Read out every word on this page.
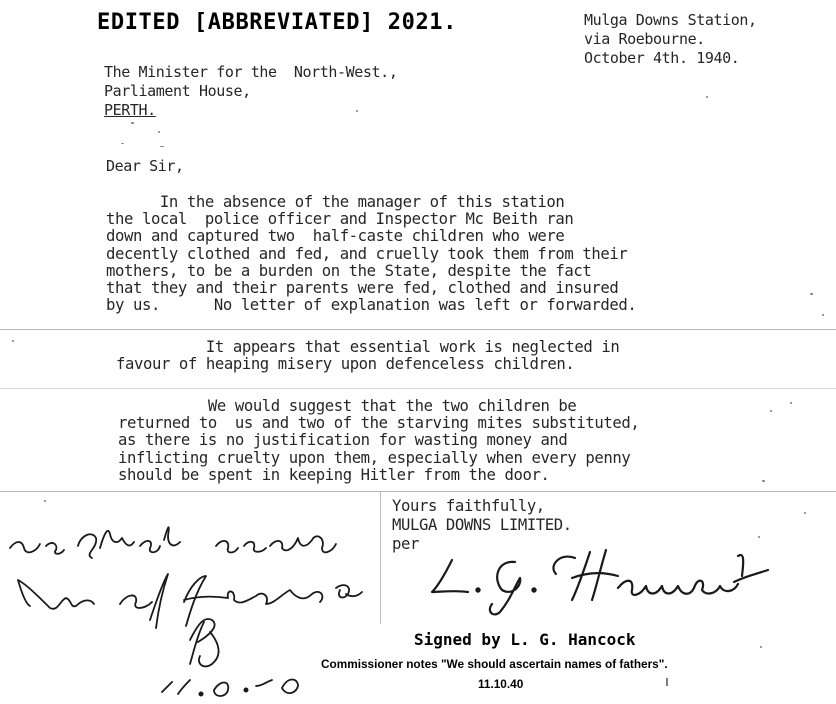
EDITED [ABBREVIATED] 2021.	Mulga Downs Station,
via Roebourne.
October 4th. 1940.
The Minister for the  North-West.,
Parliament House,
PERTH.
Dear Sir,
In the absence of the manager of this station
the local  police officer and Inspector Mc Beith ran
down and captured two  half-caste children who were
decently clothed and fed, and cruelly took them from their
mothers, to be a burden on the State, despite the fact
that they and their parents were fed, clothed and insured
by us.      No letter of explanation was left or forwarded.
It appears that essential work is neglected in
favour of heaping misery upon defenceless children.
We would suggest that the two children be
returned to  us and two of the starving mites substituted,
as there is no justification for wasting money and
inflicting cruelty upon them, especially when every penny
should be spent in keeping Hitler from the door.
Yours faithfully,
MULGA DOWNS LIMITED.
per
Signed by L. G. Hancock
Commissioner notes "We should ascertain names of fathers".
11.10.40
